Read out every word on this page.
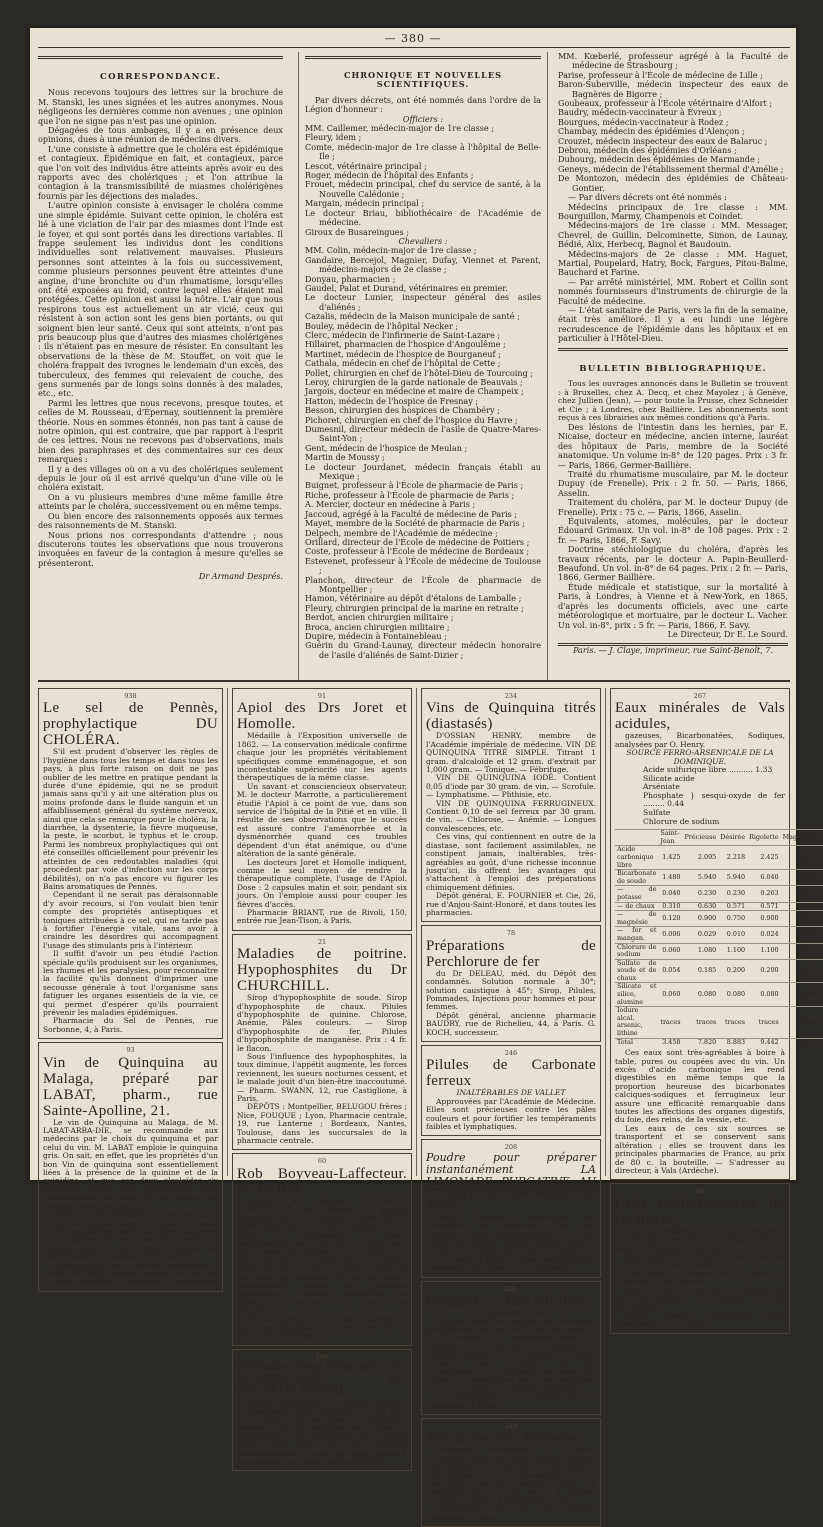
— 380 —
CORRESPONDANCE.
Nous recevons toujours des lettres sur la brochure de M. Stanski, les unes signées et les autres anonymes. Nous négligeons les dernières comme non avenues ; une opinion que l'on ne signe pas n'est pas une opinion.
Dégagées de tous ambages, il y a en présence deux opinions, dues à une réunion de médecins divers.
L'une consiste à admettre que le choléra est épidémique et contagieux. Épidémique en fait, et contagieux, parce que l'on voit des individus être atteints après avoir eu des rapports avec des cholériques ; et l'on attribue la contagion à la transmissibilité de miasmes cholérigènes fournis par les déjections des malades.
L'autre opinion consiste à envisager le choléra comme une simple épidémie. Suivant cette opinion, le choléra est lié à une viciation de l'air par des miasmes dont l'Inde est le foyer, et qui sont portés dans les directions variables. Il frappe seulement les individus dont les conditions individuelles sont relativement mauvaises. Plusieurs personnes sont atteintes à la fois ou successivement, comme plusieurs personnes peuvent être atteintes d'une angine, d'une bronchite ou d'un rhumatisme, lorsqu'elles ont été exposées au froid, contre lequel elles étaient mal protégées. Cette opinion est aussi la nôtre. L'air que nous respirons tous est actuellement un air vicié, ceux qui résistent à son action sont les gens bien portants, ou qui soignent bien leur santé. Ceux qui sont atteints, n'ont pas pris beaucoup plus que d'autres des miasmes cholérigènes : ils n'étaient pas en mesure de résister. En consultant les observations de la thèse de M. Stouffet, on voit que le choléra frappait des ivrognes le lendemain d'un excès, des tuberculeux, des femmes qui relevaient de couche, des gens surmenés par de longs soins donnés à des malades, etc., etc.
Parmi les lettres que nous recevons, presque toutes, et celles de M. Rousseau, d'Épernay, soutiennent la première théorie. Nous en sommes étonnés, non pas tant à cause de notre opinion, qui est contraire, que par rapport à l'esprit de ces lettres. Nous ne recevons pas d'observations, mais bien des paraphrases et des commentaires sur ces deux remarques :
Il y a des villages où on a vu des cholériques seulement depuis le jour où il est arrivé quelqu'un d'une ville où le choléra existait.
On a vu plusieurs membres d'une même famille être atteints par le choléra, successivement ou en même temps.
Ou bien encore des raisonnements opposés aux termes des raisonnements de M. Stanski.
Nous prions nos correspondants d'attendre ; nous discuterons toutes les observations que nous trouverons invoquées en faveur de la contagion à mesure qu'elles se présenteront.
Dr Armand Després.
CHRONIQUE ET NOUVELLES SCIENTIFIQUES.
Par divers décrets, ont été nommés dans l'ordre de la Légion d'honneur :
Officiers :
MM. Caillemer, médecin-major de 1re classe ;
Fleury, idem ;
Comte, médecin-major de 1re classe à l'hôpital de Belle-Ile ;
Lescot, vétérinaire principal ;
Roger, médecin de l'hôpital des Enfants ;
Frouet, médecin principal, chef du service de santé, à la Nouvelle Calédonie ;
Margain, médecin principal ;
Le docteur Briau, bibliothécaire de l'Académie de médecine.
Giroux de Busareingues ;
Chevaliers :
MM. Colin, médecin-major de 1re classe ;
Gandaire, Bercejol, Magnier, Dufay, Viennet et Parent, médecins-majors de 2e classe ;
Donyau, pharmacien ;
Gaudel, Palat et Durand, vétérinaires en premier.
Le docteur Lunier, inspecteur général des asiles d'aliénés ;
Cazalis, médecin de la Maison municipale de santé ;
Bouley, médecin de l'hôpital Necker ;
Clerc, médecin de l'infirmerie de Saint-Lazare ;
Hillairet, pharmacien de l'hospice d'Angoulême ;
Martinet, médecin de l'hospice de Bourganeuf ;
Cathala, médecin en chef de l'hôpital de Cette ;
Pollet, chirurgien en chef de l'hôtel-Dieu de Tourcoing ;
Leroy, chirurgien de la garde nationale de Beauvais ;
Jargois, docteur en médecine et maire de Champeix ;
Hatton, médecin de l'hospice de Fresnay ;
Besson, chirurgien des hospices de Chambéry ;
Pichoret, chirurgien en chef de l'hospice du Havre ;
Dumesnil, directeur médecin de l'asile de Quatre-Mares-Saint-Yon ;
Gent, médecin de l'hospice de Meulan ;
Martin de Moussy ;
Le docteur Jourdanet, médecin français établi au Mexique ;
Buignet, professeur à l'École de pharmacie de Paris ;
Riche, professeur à l'École de pharmacie de Paris ;
A. Mercier, docteur en médecine à Paris ;
Jaccoud, agrégé à la Faculté de médecine de Paris ;
Mayet, membre de la Société de pharmacie de Paris ;
Delpech, membre de l'Académie de médecine ;
Orillard, directeur de l'École de médecine de Poitiers ;
Coste, professeur à l'École de médecine de Bordeaux ;
Estevenet, professeur à l'École de médecine de Toulouse ;
Planchon, directeur de l'École de pharmacie de Montpellier ;
Hamon, vétérinaire au dépôt d'étalons de Lamballe ;
Fleury, chirurgien principal de la marine en retraite ;
Berdot, ancien chirurgien militaire ;
Broca, ancien chirurgien militaire ;
Dupire, médecin à Fontainebleau ;
Guérin du Grand-Launay, directeur médecin honoraire de l'asile d'aliénés de Saint-Dizier ;
MM. Kœberlé, professeur agrégé à la Faculté de médecine de Strasbourg ;
Parise, professeur à l'École de médecine de Lille ;
Baron-Suberville, médecin inspecteur des eaux de Bagnères de Bigorre ;
Goubeaux, professeur à l'École vétérinaire d'Alfort ;
Baudry, médecin-vaccinateur à Évreux ;
Bourgues, médecin-vaccinateur à Rodez ;
Chambay, médecin des épidémies d'Alençon ;
Crouzet, médecin inspecteur des eaux de Balaruc ;
Debrou, médecin des épidémies d'Orléans ;
Duhourg, médecin des épidémies de Marmande ;
Geneys, médecin de l'établissement thermal d'Amélie ;
De Montozon, médecin des épidémies de Château-Gontier.
— Par divers décrets ont été nommés :
Médecins principaux de 1re classe : MM. Bourguillon, Marmy, Champenois et Coindet.
Médecins-majors de 1re classe : MM. Messager, Chevrel, de Guillin, Delcominette, Simon, de Launay, Bédié, Alix, Herbecq, Bagnol et Baudouin.
Médecins-majors de 2e classe : MM. Haguet, Martial, Poupelard, Hatry, Bock, Fargues, Pitou-Balme, Bauchard et Farine.
— Par arrêté ministériel, MM. Robert et Collin sont nommés fournisseurs d'instruments de chirurgie de la Faculté de médecine.
— L'état sanitaire de Paris, vers la fin de la semaine, était très amélioré. Il y a eu lundi une légère recrudescence de l'épidémie dans les hôpitaux et en particulier à l'Hôtel-Dieu.
BULLETIN BIBLIOGRAPHIQUE.
Tous les ouvrages annoncés dans le Bulletin se trouvent : à Bruxelles, chez A. Decq, et chez Mayolez ; à Genève, chez Jullien (Jean), — pour toute la Prusse, chez Schneider et Cie ; à Londres, chez Baillière. Les abonnements sont reçus à ces librairies aux mêmes conditions qu'à Paris.
Des lésions de l'intestin dans les hernies, par E. Nicaise, docteur en médecine, ancien interne, lauréat des hôpitaux de Paris, membre de la Société anatomique. Un volume in-8° de 120 pages. Prix : 3 fr. — Paris, 1866, Germer-Baillière.
Traité du rhumatisme musculaire, par M. le docteur Dupuy (de Frenelle). Prix : 2 fr. 50. — Paris, 1866, Asselin.
Traitement du choléra, par M. le docteur Dupuy (de Frenelle). Prix : 75 c. — Paris, 1866, Asselin.
Équivalents, atomes, molécules, par le docteur Édouard Grimaux. Un vol. in-8° de 108 pages. Prix : 2 fr. — Paris, 1866, F. Savy.
Doctrine stéchiologique du choléra, d'après les travaux récents, par le docteur A. Papin-Beuillerd-Beaufond. Un vol. in-8° de 64 pages. Prix : 2 fr. — Paris, 1866, Germer Baillière.
Étude médicale et statistique, sur la mortalité à Paris, à Londres, à Vienne et à New-York, en 1865, d'après les documents officiels, avec une carte météorologique et mortuaire, par le docteur L. Vacher. Un vol. in-8°, prix : 5 fr. — Paris, 1866, F. Savy.
Le Directeur, Dr E. Le Sourd.
Paris. — J. Claye, imprimeur, rue Saint-Benoît, 7.
938
Le sel de Pennès, prophylactique DU CHOLÉRA.
S'il est prudent d'observer les règles de l'hygiène dans tous les temps et dans tous les pays, à plus forte raison on doit ne pas oublier de les mettre en pratique pendant la durée d'une épidémie, qui ne se produit jamais sans qu'il y ait une altération plus ou moins profonde dans le fluide sanguin et un affaiblissement général du système nerveux, ainsi que cela se remarque pour le choléra, la diarrhée, la dysenterie, la fièvre muqueuse, la peste, le scorbut, le typhus et le croup. Parmi les nombreux prophylactiques qui ont été conseillés officiellement pour prévenir les atteintes de ces redoutables maladies (qui procèdent par voie d'infection sur les corps débilités), on n'a pas encore vu figurer les Bains aromatiques de Pennès.
Cependant il ne serait pas déraisonnable d'y avoir recours, si l'on voulait bien tenir compte des propriétés antiseptiques et toniques attribuées à ce sel, qui ne tarde pas à fortifier l'énergie vitale, sans avoir à craindre les désordres qui accompagnent l'usage des stimulants pris à l'intérieur.
Il suffit d'avoir un peu étudié l'action spéciale qu'ils produisent sur les organismes, les rhumes et les paralysies, pour reconnaître la facilité qu'ils donnent d'imprimer une secousse générale à tout l'organisme sans fatiguer les organes essentiels de la vie, ce qui permet d'espérer qu'ils pourraient prévenir les maladies épidémiques.
Pharmacie du Sel de Pennès, rue Sorbonne, 4, à Paris.
93
Vin de Quinquina au Malaga, préparé par LABAT, pharm., rue Sainte-Apolline, 21.
Le vin de Quinquina au Malaga, de M. LABAT-ARBA-DIE, se recommande aux médecins par le choix du quinquina et par celui du vin. M. LABAT emploie le quinquina gris. On sait, en effet, que les propriétés d'un bon Vin de quinquina sont essentiellement liées à la présence de la quinine et de la quinidine, et que ces deux alcaloïdes s'y trouvent dans des proportions plus considérables que dans tous les autres vins préparés avec d'autres vins.
Quant au vin de Malaga, il contient 15 à 18 p. 100 d'alcool ; aussi il dissout en grande partie les principes actifs du quinquina, sans en précipiter un seul par ses acides. Il dispose donc à un grand nombre de combinaisons favorables au traitement.
Ajoutons que par sa saveur aromatique et sucrée, le Vin de Malaga masque, au point de la rendre agréable, l'amertume du quinquina.
91
Apiol des Drs Joret et Homolle.
Médaille à l'Exposition universelle de 1862. — La conservation médicale confirme chaque jour les propriétés véritablement spécifiques comme emménagogue, et son incontestable supériorité sur les agents thérapeutiques de la même classe.
Un savant et consciencieux observateur, M. le docteur Marrotte, a particulièrement étudié l'Apiol à ce point de vue, dans son service de l'hôpital de la Pitié et en ville. Il résulte de ses observations que le succès est assuré contre l'aménorrhée et la dysménorrhée quand ces troubles dépendent d'un état anémique, ou d'une altération de la santé générale.
Les docteurs Joret et Homolle indiquent, comme le seul moyen de rendre la thérapeutique complète, l'usage de l'Apiol. Dose : 2 capsules matin et soir, pendant six jours. On l'emploie aussi pour couper les fièvres d'accès.
Pharmacie BRIANT, rue de Rivoli, 150, entrée rue Jean-Tison, à Paris.
21
Maladies de poitrine. Hypophosphites du Dr CHURCHILL.
Sirop d'hypophosphite de soude. Sirop d'hypophosphite de chaux. Pilules d'hypophosphite de quinine. Chlorose, Anémie, Pâles couleurs. — Sirop d'hypophosphite de fer, Pilules d'hypophosphite de manganèse. Prix : 4 fr. le flacon.
Sous l'influence des hypophosphites, la toux diminue, l'appétit augmente, les forces reviennent, les sueurs nocturnes cessent, et le malade jouit d'un bien-être inaccoutumé. — Pharm. SWANN, 12, rue Castiglione, à Paris.
DÉPÔTS : Montpellier, BELUGOU frères ; Nice, FOUQUE ; Lyon, Pharmacie centrale, 19, rue Lanterne ; Bordeaux, Nantes, Toulouse, dans les succursales de la pharmacie centrale.
60
Rob Boyveau-Laffecteur. — Le Rob
végétal du docteur BOYVEAU-LAFFECTEUR, seul autorisé et garanti véritable par la signature GIRAUDEAU SAINT-GERVAIS, est bien supérieur aux sirops de salsepareille. Il guérit radicalement, sans mercure, les affections de la peau, les dartres, les scrofules, les suites de gale, les ulcères et les accidents provenant de couches, de l'âge critique et de l'âcreté des humeurs. Ce Rob est surtout recommandé contre les maladies syphilitiques récentes, invétérées ou rebelles au mercure et à l'iodure de potassium.
Dépôt général, 12, rue Richer, à Paris, et chez les pharmaciens, droguistes de la France et de l'étranger.
208
Véritable Sirop dépuratif anti-SCORBUTIQUE DU DOCTEUR PORTAL,
préparé spécialement et exclusivement à la pharmacie SAGE-BAXTER, rue du Bac, 13, à Paris. Des recettes ou prétendues formules ont été publiées dans plusieurs Formulaires ; non-seulement elles varient toutes entre elles, mais elles diffèrent essentiellement de celle que nous devons à la confiance du célèbre baron PORTAL.
234
Vins de Quinquina titrés (diastasés)
D'OSSIAN HENRY, membre de l'Académie impériale de médecine. VIN DE QUINQUINA TITRÉ SIMPLE. Titrant 1 gram. d'alcaloïde et 12 gram. d'extrait par 1,000 gram. — Tonique. — Fébrifuge.
VIN DE QUINQUINA IODÉ. Contient 0,05 d'iode par 30 gram. de vin. — Scrofule. — Lymphatisme. — Phthisie, etc.
VIN DE QUINQUINA FERRUGINEUX. Contient 0,10 de sel ferreux par 30 gram. de vin. — Chlorose, — Anémie. — Longues convalescences, etc.
Ces vins, qui contiennent en outre de la diastase, sont facilement assimilables, ne constipent jamais, inaltérables, très-agréables au goût, d'une richesse inconnue jusqu'ici, ils offrent les avantages qui s'attachent à l'emploi des préparations chimiquement définies.
Dépôt général, E. FOURNIER et Cie, 26, rue d'Anjou-Saint-Honoré, et dans toutes les pharmacies.
78
Préparations de Perchlorure de fer
du Dr DELEAU, méd. du Dépôt des condamnés. Solution normale à 30°; solution caustique à 45°; Sirop, Pilules, Pommades, Injections pour hommes et pour femmes.
Dépôt général, ancienne pharmacie BAUDRY, rue de Richelieu, 44, à Paris. G. KOCH, successeur.
246
Pilules de Carbonate ferreux
INALTÉRABLES DE VALLET
Approuvées par l'Académie de Médecine. Elles sont précieuses contre les pâles couleurs et pour fortifier les tempéraments faibles et lymphatiques.
208
Poudre pour préparer instantanément LA LIMONADE PURGATIVE AU CITRATE DE MAGNÉSIE DE ROGÉ.
Cette Limonade, approuvée par l'Académie de médecine, d'un goût agréable, purge très-promptement et sans causer d'irritation. Chaque flacon porte le cachet et la signature ROGÉ. — Dépôt, 12, rue Vivienne, à Paris, et dans les principales pharmacies de France et de l'étranger.
205
Pougues. — Eau Alcaline
très-agréable à boire.
Efficace dans les maladies de l'estomac, des intestins, du foie, de la rate, des reins et de la vessie ; — souveraine dans les dyspepsies, la goutte, la gravelle, le catarrhe vésical ; — la chlorose, les pâles couleurs, les scrofules et les convalescences. — Médecin aux eaux, des salles de consultation pour les personnes qui ont la vessie ou l'estomac paresseux.
LA BOUTEILLE 75 c. — Dépôt, 69, rue Caumartin, à Paris.
219
Vin du docteur Forestier.
Quinquina ferrugineux à l'écorce d'oranges amères et vin de Malaga tonique, reconstituant par excellence. Une cuill. à café contient 5 cent. à phosphate de fer ; une cuill. à bouche contient 5 cent. ; à phosphate de fer. On serre à liqueur contient 6 centigr. à phosphate de fer.
CHOMINOT, 42, rue Culture-Sainte-Catherine, à Paris.
267
Eaux minérales de Vals acidules,
gazeuses, Bicarbonatées, Sodiques, analysées par O. Henry.
SOURCE FERRO-ARSENICALE DE LA DOMINIQUE.
Acide sulfurique libre .......... 1.33
Silicate acide
Arséniate
Phosphate } sesqui-oxyde de fer ......... 0.44
Sulfate
Chlorure de sodium
	Saint-Jean	Précieuse	Désirée	Rigolette	Magdeleine
Acide carbonique libre	1.425	2.095	2.218	2.425	2.050
Bicarbonate de soude	1.480	5.940	5.940	6.040	7.280
— de potasse	0.040	0.230	0.230	0.263	0.255
— de chaux	0.310	0.630	0.571	0.571	0.520
— de magnésie	0.120	0.900	0.750	0.900	0.672
— fer et mangan.	0.006	0.029	0.010	0.024	0.029
Chlorure de sodium	0.060	1.080	1.100	1.100	0.160
Sulfate de soude et de chaux	0.054	0.185	0.200	0.200	0.238
Silicate et silice, alumine	0.060	0.080	0.080	0.080	0.097
Iodure alcal. arsenic, lithine	traces	traces	traces	traces	traces
Total	3.458	7.820	8.883	9.442	9.506
Ces eaux sont très-agréables à boire à table, pures ou coupées avec du vin. Un excès d'acide carbonique les rend digestibles en même temps que la proportion heureuse des bicarbonates calciques-sodiques et ferrugineux leur assure une efficacité remarquable dans toutes les affections des organes digestifs, du foie, des reins, de la vessie, etc.
Les eaux de ces six sources se transportent et se conservent sans altération ; elles se trouvent dans les principales pharmacies de France, au prix de 80 c. la bouteille. — S'adresser au directeur, à Vals (Ardèche).
46
Laits médicamenteux du Dr Boyer,
DE SAINT-PIERRE DE FORSAC (CREUSE).
Lait iodé concentré. — Poudre de lait iodé. — Chocolat au lait iodé.
Lait arsenical. — Poudre de lait arsenical. — Chocolat au lait arsenical.
Lait iodure. — Poudre de lait ioduré. — Chocolat au lait ioduré.
Sirop de lait ferrugineux. — Poudre de lait ferrugineux. — Chocolat au lait ferrugineux.
Dépôt, Pharm. CHEVRIER, faub. Montmartre, 21, à Paris.
